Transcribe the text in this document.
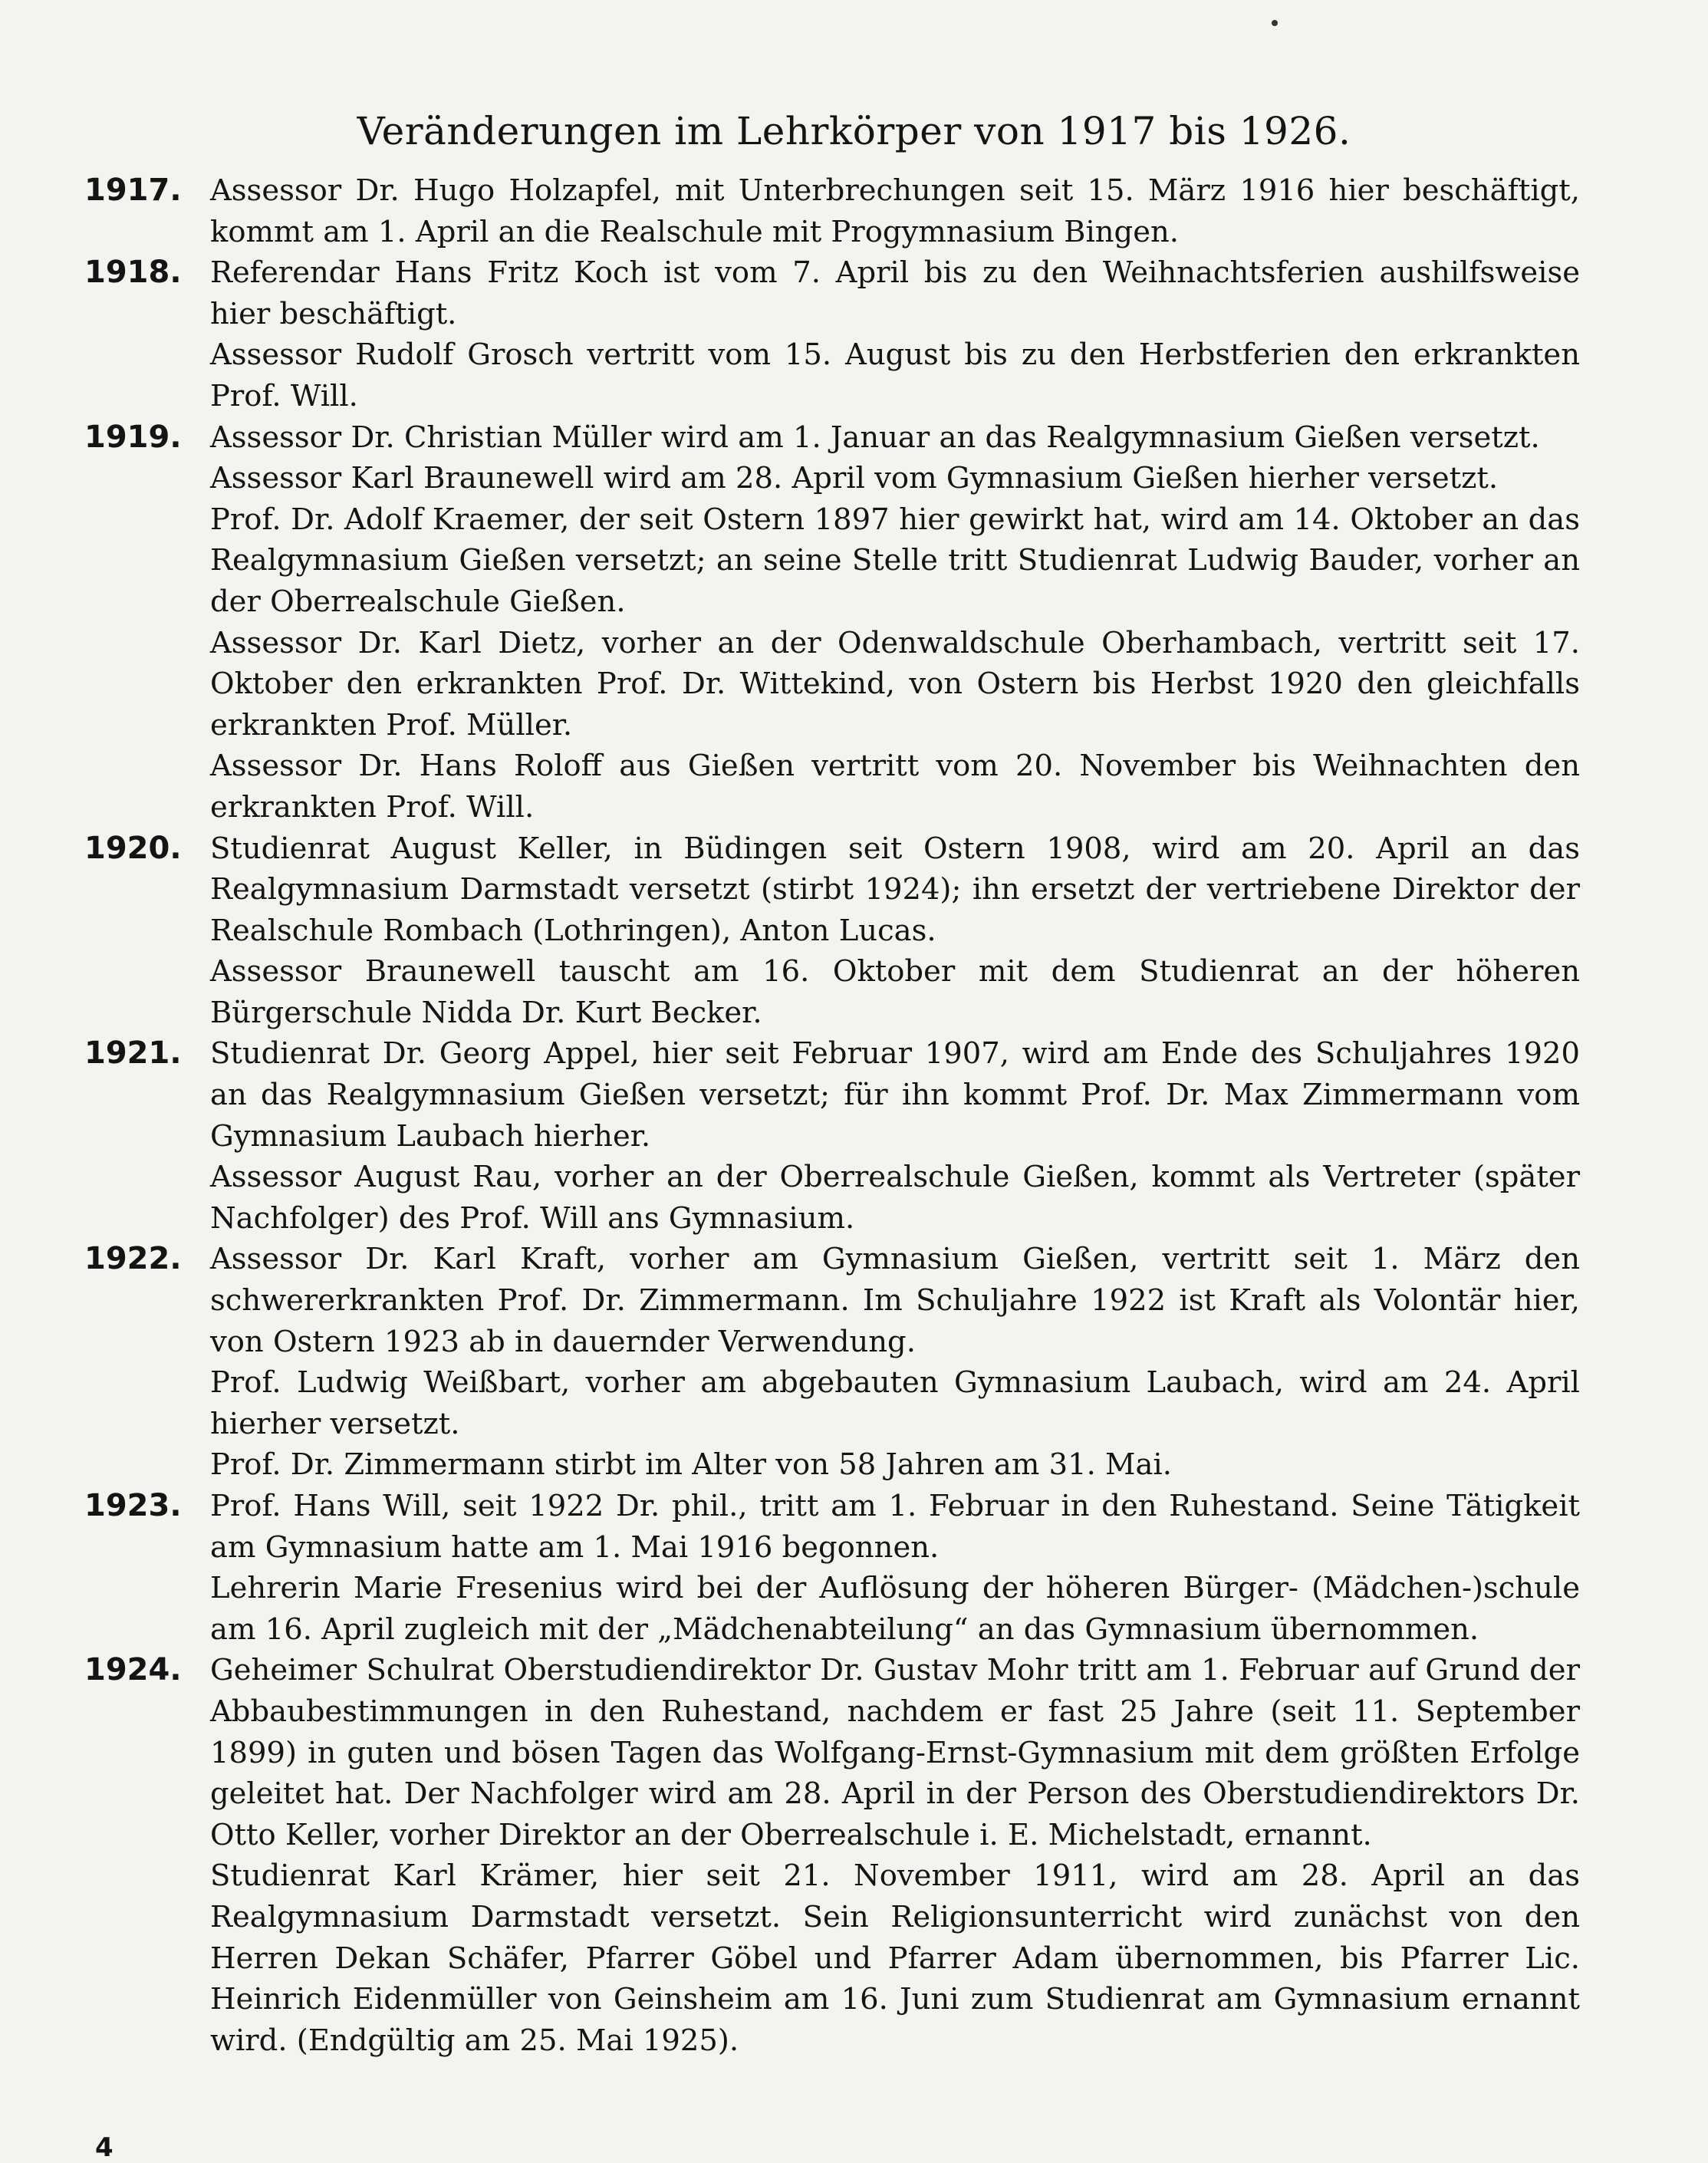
Veränderungen im Lehrkörper von 1917 bis 1926.
1917. Assessor Dr. Hugo Holzapfel, mit Unterbrechungen seit 15. März 1916 hier beschäftigt, kommt am 1. April an die Realschule mit Progymnasium Bingen.
1918. Referendar Hans Fritz Koch ist vom 7. April bis zu den Weihnachtsferien aushilfsweise hier beschäftigt.
Assessor Rudolf Grosch vertritt vom 15. August bis zu den Herbstferien den erkrankten Prof. Will.
1919. Assessor Dr. Christian Müller wird am 1. Januar an das Realgymnasium Gießen versetzt.
Assessor Karl Braunewell wird am 28. April vom Gymnasium Gießen hierher versetzt.
Prof. Dr. Adolf Kraemer, der seit Ostern 1897 hier gewirkt hat, wird am 14. Oktober an das Realgymnasium Gießen versetzt; an seine Stelle tritt Studienrat Ludwig Bauder, vorher an der Oberrealschule Gießen.
Assessor Dr. Karl Dietz, vorher an der Odenwaldschule Oberhambach, vertritt seit 17. Oktober den erkrankten Prof. Dr. Wittekind, von Ostern bis Herbst 1920 den gleichfalls erkrankten Prof. Müller.
Assessor Dr. Hans Roloff aus Gießen vertritt vom 20. November bis Weihnachten den erkrankten Prof. Will.
1920. Studienrat August Keller, in Büdingen seit Ostern 1908, wird am 20. April an das Realgymnasium Darmstadt versetzt (stirbt 1924); ihn ersetzt der vertriebene Direktor der Realschule Rombach (Lothringen), Anton Lucas.
Assessor Braunewell tauscht am 16. Oktober mit dem Studienrat an der höheren Bürgerschule Nidda Dr. Kurt Becker.
1921. Studienrat Dr. Georg Appel, hier seit Februar 1907, wird am Ende des Schuljahres 1920 an das Realgymnasium Gießen versetzt; für ihn kommt Prof. Dr. Max Zimmermann vom Gymnasium Laubach hierher.
Assessor August Rau, vorher an der Oberrealschule Gießen, kommt als Vertreter (später Nachfolger) des Prof. Will ans Gymnasium.
1922. Assessor Dr. Karl Kraft, vorher am Gymnasium Gießen, vertritt seit 1. März den schwererkrankten Prof. Dr. Zimmermann. Im Schuljahre 1922 ist Kraft als Volontär hier, von Ostern 1923 ab in dauernder Verwendung.
Prof. Ludwig Weißbart, vorher am abgebauten Gymnasium Laubach, wird am 24. April hierher versetzt.
Prof. Dr. Zimmermann stirbt im Alter von 58 Jahren am 31. Mai.
1923. Prof. Hans Will, seit 1922 Dr. phil., tritt am 1. Februar in den Ruhestand. Seine Tätigkeit am Gymnasium hatte am 1. Mai 1916 begonnen.
Lehrerin Marie Fresenius wird bei der Auflösung der höheren Bürger- (Mädchen-)schule am 16. April zugleich mit der „Mädchenabteilung“ an das Gymnasium übernommen.
1924. Geheimer Schulrat Oberstudiendirektor Dr. Gustav Mohr tritt am 1. Februar auf Grund der Abbaubestimmungen in den Ruhestand, nachdem er fast 25 Jahre (seit 11. September 1899) in guten und bösen Tagen das Wolfgang-Ernst-Gymnasium mit dem größten Erfolge geleitet hat. Der Nachfolger wird am 28. April in der Person des Oberstudiendirektors Dr. Otto Keller, vorher Direktor an der Oberrealschule i. E. Michelstadt, ernannt.
Studienrat Karl Krämer, hier seit 21. November 1911, wird am 28. April an das Realgymnasium Darmstadt versetzt. Sein Religionsunterricht wird zunächst von den Herren Dekan Schäfer, Pfarrer Göbel und Pfarrer Adam übernommen, bis Pfarrer Lic. Heinrich Eidenmüller von Geinsheim am 16. Juni zum Studienrat am Gymnasium ernannt wird. (Endgültig am 25. Mai 1925).
4
